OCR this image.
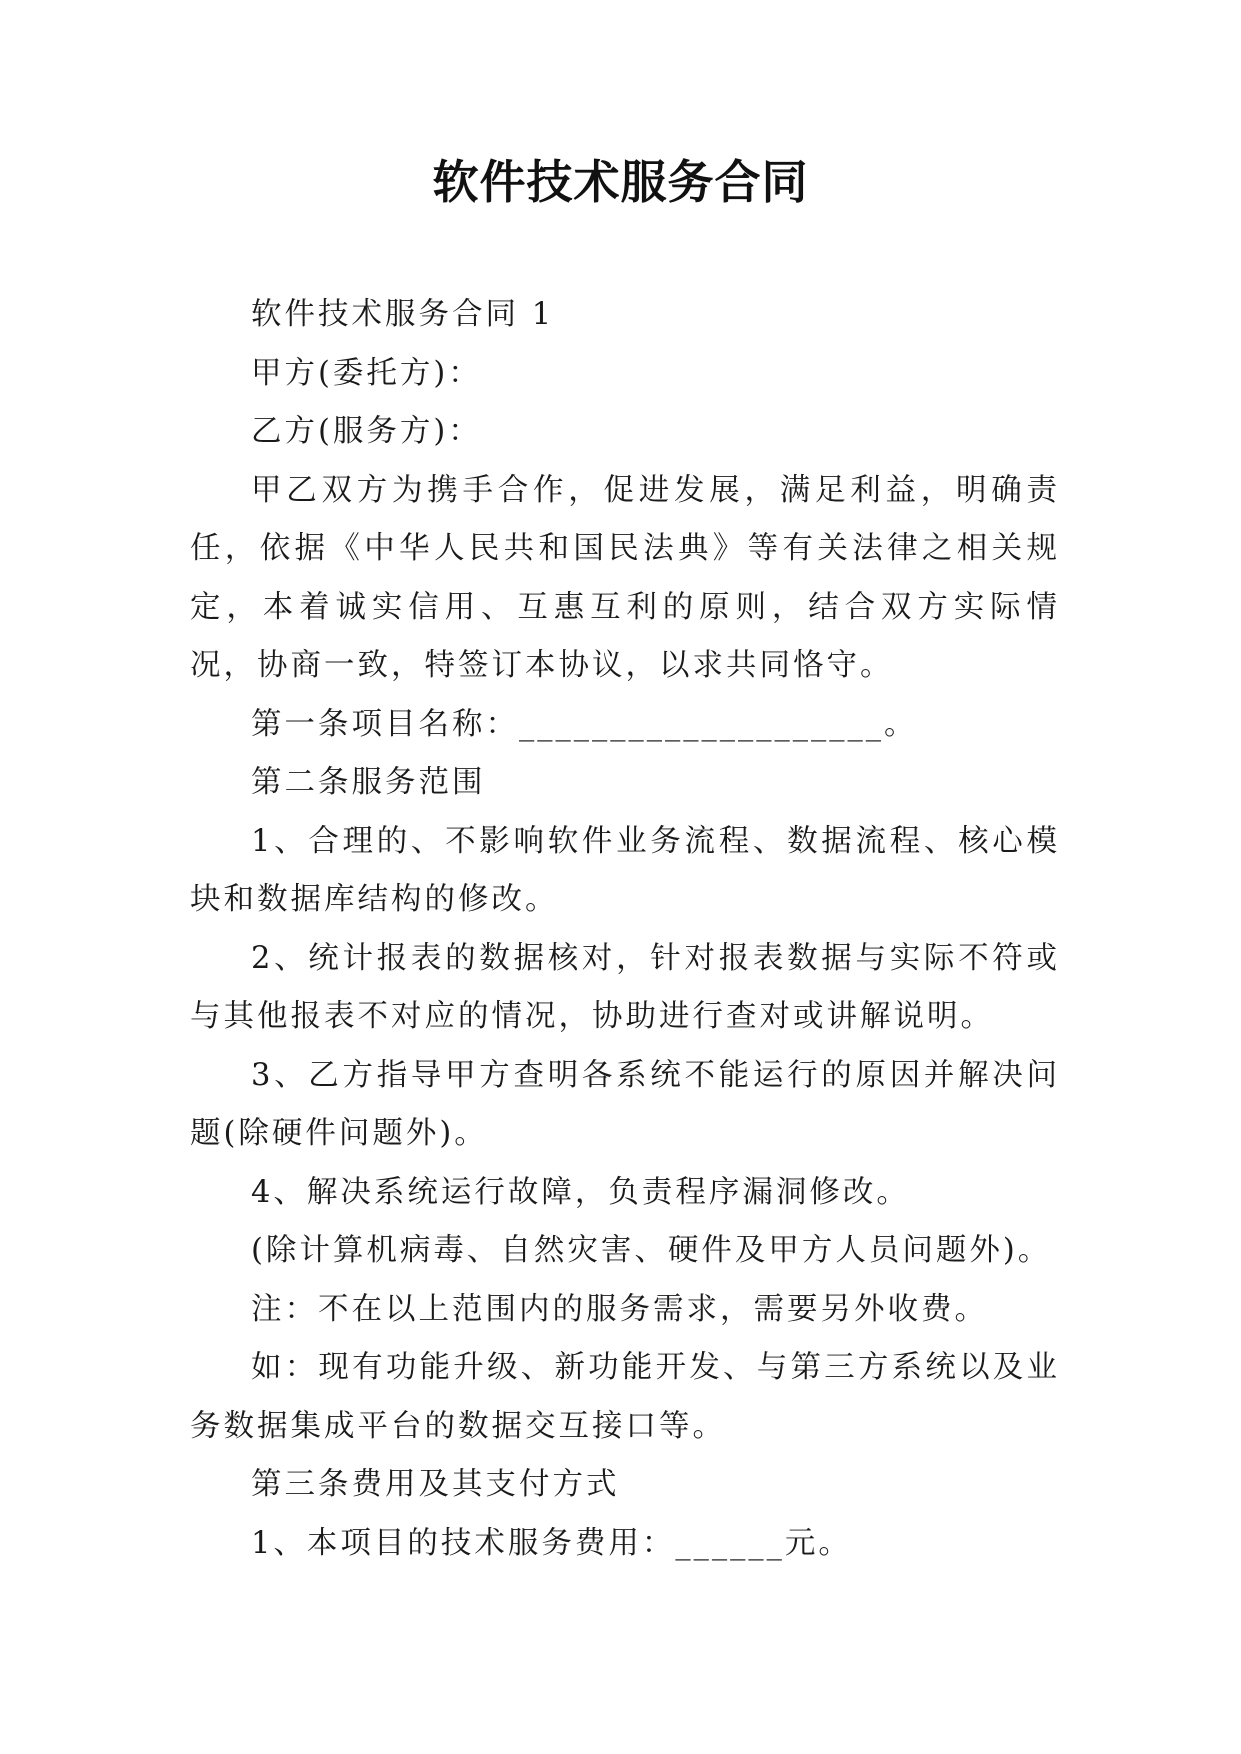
软件技术服务合同

软件技术服务合同 1

甲方(委托方)：

乙方(服务方)：

甲乙双方为携手合作，促进发展，满足利益，明确责任，依据《中华人民共和国民法典》等有关法律之相关规定，本着诚实信用、互惠互利的原则，结合双方实际情况，协商一致，特签订本协议，以求共同恪守。

第一条项目名称：____________________。

第二条服务范围

1、合理的、不影响软件业务流程、数据流程、核心模块和数据库结构的修改。

2、统计报表的数据核对，针对报表数据与实际不符或与其他报表不对应的情况，协助进行查对或讲解说明。

3、乙方指导甲方查明各系统不能运行的原因并解决问题(除硬件问题外)。

4、解决系统运行故障，负责程序漏洞修改。

(除计算机病毒、自然灾害、硬件及甲方人员问题外)。

注：不在以上范围内的服务需求，需要另外收费。

如：现有功能升级、新功能开发、与第三方系统以及业务数据集成平台的数据交互接口等。

第三条费用及其支付方式

1、本项目的技术服务费用：______元。
